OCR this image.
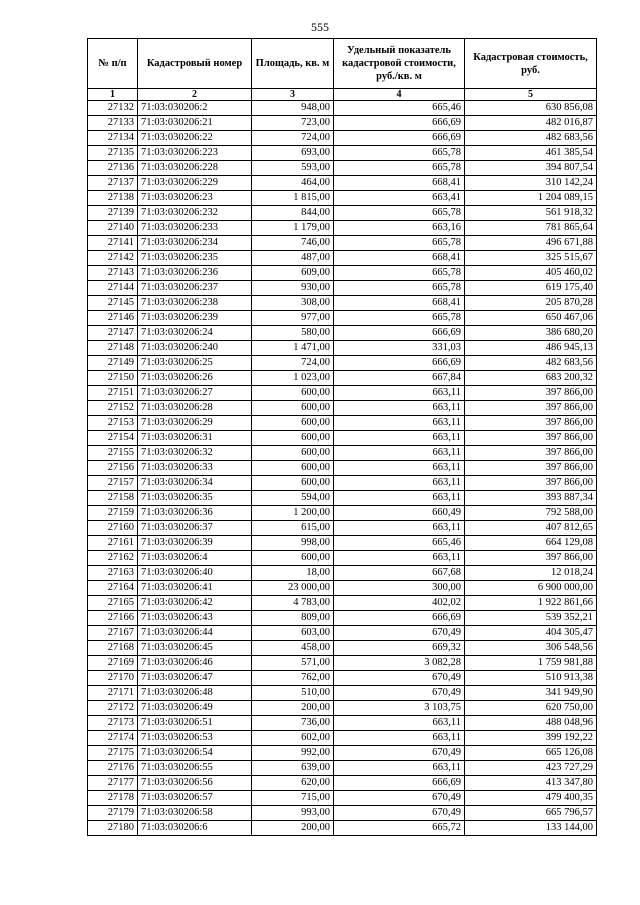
555
№ п/п	Кадастровый номер	Площадь, кв. м	Удельный показатель кадастровой стоимости, руб./кв. м	Кадастровая стоимость, руб.
1	2	3	4	5
27132	71:03:030206:2	948,00	665,46	630 856,08
27133	71:03:030206:21	723,00	666,69	482 016,87
27134	71:03:030206:22	724,00	666,69	482 683,56
27135	71:03:030206:223	693,00	665,78	461 385,54
27136	71:03:030206:228	593,00	665,78	394 807,54
27137	71:03:030206:229	464,00	668,41	310 142,24
27138	71:03:030206:23	1 815,00	663,41	1 204 089,15
27139	71:03:030206:232	844,00	665,78	561 918,32
27140	71:03:030206:233	1 179,00	663,16	781 865,64
27141	71:03:030206:234	746,00	665,78	496 671,88
27142	71:03:030206:235	487,00	668,41	325 515,67
27143	71:03:030206:236	609,00	665,78	405 460,02
27144	71:03:030206:237	930,00	665,78	619 175,40
27145	71:03:030206:238	308,00	668,41	205 870,28
27146	71:03:030206:239	977,00	665,78	650 467,06
27147	71:03:030206:24	580,00	666,69	386 680,20
27148	71:03:030206:240	1 471,00	331,03	486 945,13
27149	71:03:030206:25	724,00	666,69	482 683,56
27150	71:03:030206:26	1 023,00	667,84	683 200,32
27151	71:03:030206:27	600,00	663,11	397 866,00
27152	71:03:030206:28	600,00	663,11	397 866,00
27153	71:03:030206:29	600,00	663,11	397 866,00
27154	71:03:030206:31	600,00	663,11	397 866,00
27155	71:03:030206:32	600,00	663,11	397 866,00
27156	71:03:030206:33	600,00	663,11	397 866,00
27157	71:03:030206:34	600,00	663,11	397 866,00
27158	71:03:030206:35	594,00	663,11	393 887,34
27159	71:03:030206:36	1 200,00	660,49	792 588,00
27160	71:03:030206:37	615,00	663,11	407 812,65
27161	71:03:030206:39	998,00	665,46	664 129,08
27162	71:03:030206:4	600,00	663,11	397 866,00
27163	71:03:030206:40	18,00	667,68	12 018,24
27164	71:03:030206:41	23 000,00	300,00	6 900 000,00
27165	71:03:030206:42	4 783,00	402,02	1 922 861,66
27166	71:03:030206:43	809,00	666,69	539 352,21
27167	71:03:030206:44	603,00	670,49	404 305,47
27168	71:03:030206:45	458,00	669,32	306 548,56
27169	71:03:030206:46	571,00	3 082,28	1 759 981,88
27170	71:03:030206:47	762,00	670,49	510 913,38
27171	71:03:030206:48	510,00	670,49	341 949,90
27172	71:03:030206:49	200,00	3 103,75	620 750,00
27173	71:03:030206:51	736,00	663,11	488 048,96
27174	71:03:030206:53	602,00	663,11	399 192,22
27175	71:03:030206:54	992,00	670,49	665 126,08
27176	71:03:030206:55	639,00	663,11	423 727,29
27177	71:03:030206:56	620,00	666,69	413 347,80
27178	71:03:030206:57	715,00	670,49	479 400,35
27179	71:03:030206:58	993,00	670,49	665 796,57
27180	71:03:030206:6	200,00	665,72	133 144,00
